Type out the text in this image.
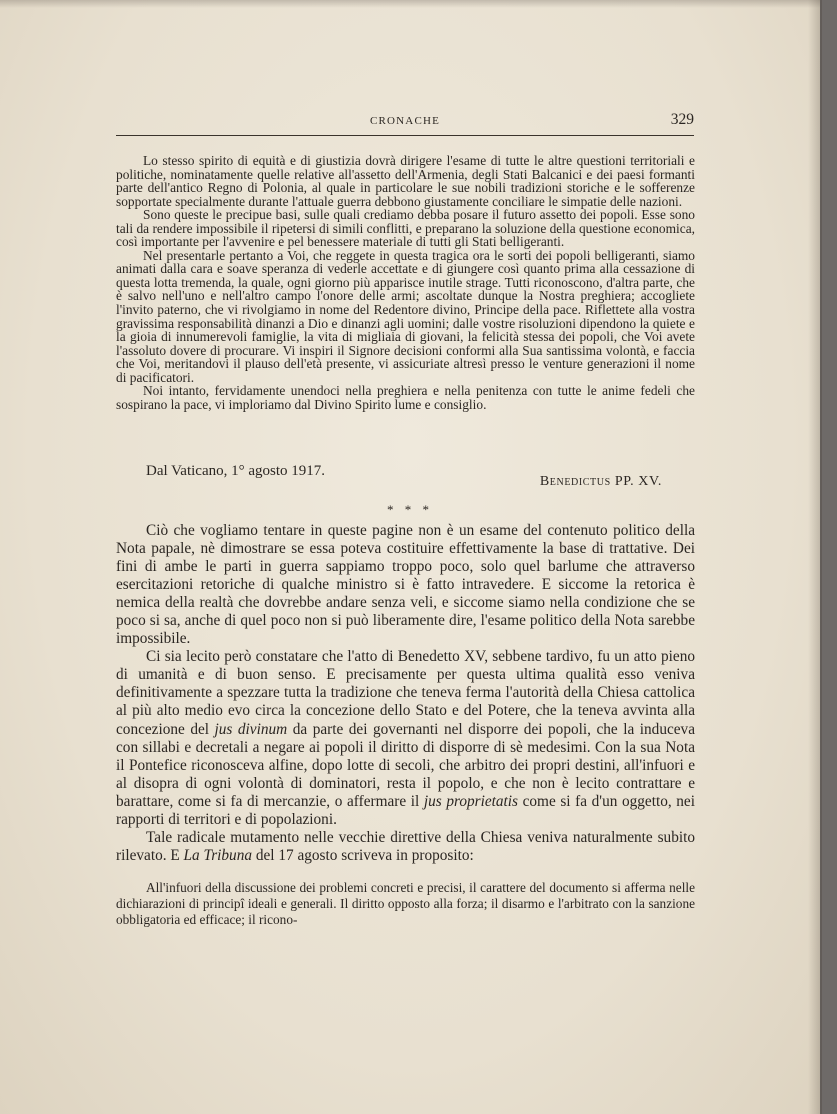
CRONACHE	329

Lo stesso spirito di equità e di giustizia dovrà dirigere l'esame di tutte le altre questioni territoriali e politiche, nominatamente quelle relative all'assetto dell'Armenia, degli Stati Balcanici e dei paesi formanti parte dell'antico Regno di Polonia, al quale in particolare le sue nobili tradizioni storiche e le sofferenze sopportate specialmente durante l'attuale guerra debbono giustamente conciliare le simpatie delle nazioni.

Sono queste le precipue basi, sulle quali crediamo debba posare il futuro assetto dei popoli. Esse sono tali da rendere impossibile il ripetersi di simili conflitti, e preparano la soluzione della questione economica, così importante per l'avvenire e pel benessere materiale di tutti gli Stati belligeranti.

Nel presentarle pertanto a Voi, che reggete in questa tragica ora le sorti dei popoli belligeranti, siamo animati dalla cara e soave speranza di vederle accettate e di giungere così quanto prima alla cessazione di questa lotta tremenda, la quale, ogni giorno più apparisce inutile strage. Tutti riconoscono, d'altra parte, che è salvo nell'uno e nell'altro campo l'onore delle armi; ascoltate dunque la Nostra preghiera; accogliete l'invito paterno, che vi rivolgiamo in nome del Redentore divino, Principe della pace. Riflettete alla vostra gravissima responsabilità dinanzi a Dio e dinanzi agli uomini; dalle vostre risoluzioni dipendono la quiete e la gioia di innumerevoli famiglie, la vita di migliaia di giovani, la felicità stessa dei popoli, che Voi avete l'assoluto dovere di procurare. Vi inspiri il Signore decisioni conformi alla Sua santissima volontà, e faccia che Voi, meritandovi il plauso dell'età presente, vi assicuriate altresì presso le venture generazioni il nome di pacificatori.

Noi intanto, fervidamente unendoci nella preghiera e nella penitenza con tutte le anime fedeli che sospirano la pace, vi imploriamo dal Divino Spirito lume e consiglio.

Dal Vaticano, 1° agosto 1917.
Benedictus PP. XV.
* * *

Ciò che vogliamo tentare in queste pagine non è un esame del contenuto politico della Nota papale, nè dimostrare se essa poteva costituire effettivamente la base di trattative. Dei fini di ambe le parti in guerra sappiamo troppo poco, solo quel barlume che attraverso esercitazioni retoriche di qualche ministro si è fatto intravedere. E siccome la retorica è nemica della realtà che dovrebbe andare senza veli, e siccome siamo nella condizione che se poco si sa, anche di quel poco non si può liberamente dire, l'esame politico della Nota sarebbe impossibile.

Ci sia lecito però constatare che l'atto di Benedetto XV, sebbene tardivo, fu un atto pieno di umanità e di buon senso. E precisamente per questa ultima qualità esso veniva definitivamente a spezzare tutta la tradizione che teneva ferma l'autorità della Chiesa cattolica al più alto medio evo circa la concezione dello Stato e del Potere, che la teneva avvinta alla concezione del jus divinum da parte dei governanti nel disporre dei popoli, che la induceva con sillabi e decretali a negare ai popoli il diritto di disporre di sè medesimi. Con la sua Nota il Pontefice riconosceva alfine, dopo lotte di secoli, che arbitro dei propri destini, all'infuori e al disopra di ogni volontà di dominatori, resta il popolo, e che non è lecito contrattare e barattare, come si fa di mercanzie, o affermare il jus proprietatis come si fa d'un oggetto, nei rapporti di territori e di popolazioni.

Tale radicale mutamento nelle vecchie direttive della Chiesa veniva naturalmente subito rilevato. E La Tribuna del 17 agosto scriveva in proposito:

All'infuori della discussione dei problemi concreti e precisi, il carattere del documento si afferma nelle dichiarazioni di principî ideali e generali. Il diritto opposto alla forza; il disarmo e l'arbitrato con la sanzione obbligatoria ed efficace; il ricono-
